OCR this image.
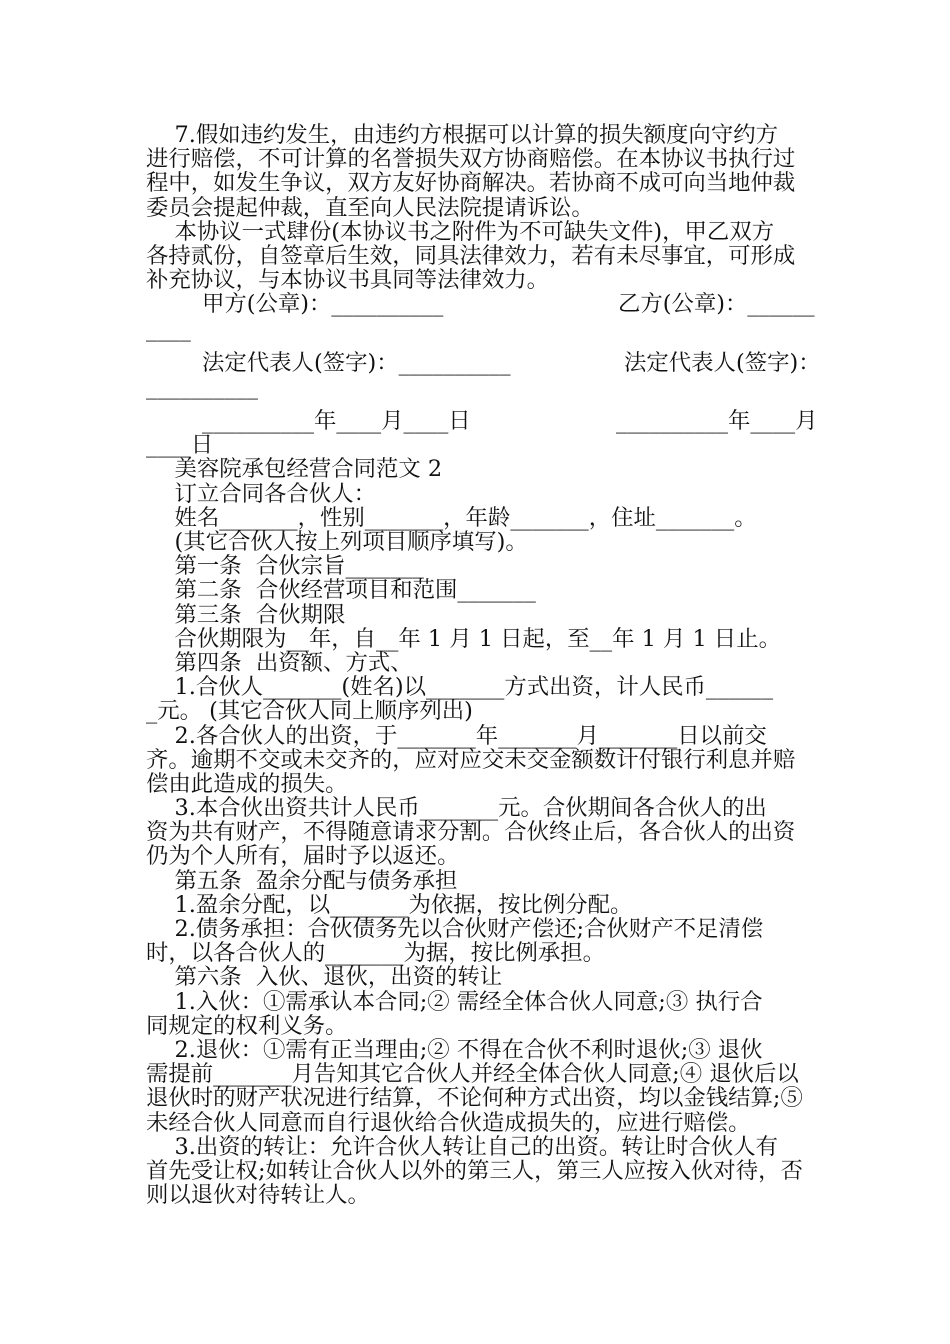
7.假如违约发生，由违约方根据可以计算的损失额度向守约方
进行赔偿，不可计算的名誉损失双方协商赔偿。在本协议书执行过
程中，如发生争议，双方友好协商解决。若协商不成可向当地仲裁
委员会提起仲裁，直至向人民法院提请诉讼。
本协议一式肆份(本协议书之附件为不可缺失文件)，甲乙双方
各持贰份，自签章后生效，同具法律效力，若有未尽事宜，可形成
补充协议，与本协议书具同等法律效力。

甲方(公章)：__________

	乙方(公章)：______

____

法定代表人(签字)：__________

	法定代表人(签字)：

__________

__________年____月____日

	__________年____月

____日
美容院承包经营合同范文 2
订立合同各合伙人：
姓名_______，性别_______，年龄_______，住址_______。
(其它合伙人按上列项目顺序填写)。
第一条  合伙宗旨_______
第二条  合伙经营项目和范围_______
第三条  合伙期限
合伙期限为__年，自__年 1 月 1 日起，至__年 1 月 1 日止。
第四条  出资额、方式、
1.合伙人_______(姓名)以_______方式出资，计人民币______
_元。 (其它合伙人同上顺序列出)
2.各合伙人的出资，于_______年_______月_______日以前交
齐。逾期不交或未交齐的，应对应交未交金额数计付银行利息并赔
偿由此造成的损失。
3.本合伙出资共计人民币_______元。合伙期间各合伙人的出
资为共有财产，不得随意请求分割。合伙终止后，各合伙人的出资
仍为个人所有，届时予以返还。
第五条  盈余分配与债务承担
1.盈余分配，以_______为依据，按比例分配。
2.债务承担：合伙债务先以合伙财产偿还;合伙财产不足清偿
时，以各合伙人的_______为据，按比例承担。
第六条  入伙、退伙，出资的转让
1.入伙：①需承认本合同;② 需经全体合伙人同意;③ 执行合
同规定的权利义务。
2.退伙：①需有正当理由;② 不得在合伙不利时退伙;③ 退伙
需提前_______月告知其它合伙人并经全体合伙人同意;④ 退伙后以
退伙时的财产状况进行结算，不论何种方式出资，均以金钱结算;⑤
未经合伙人同意而自行退伙给合伙造成损失的，应进行赔偿。
3.出资的转让：允许合伙人转让自己的出资。转让时合伙人有
首先受让权;如转让合伙人以外的第三人，第三人应按入伙对待，否
则以退伙对待转让人。
